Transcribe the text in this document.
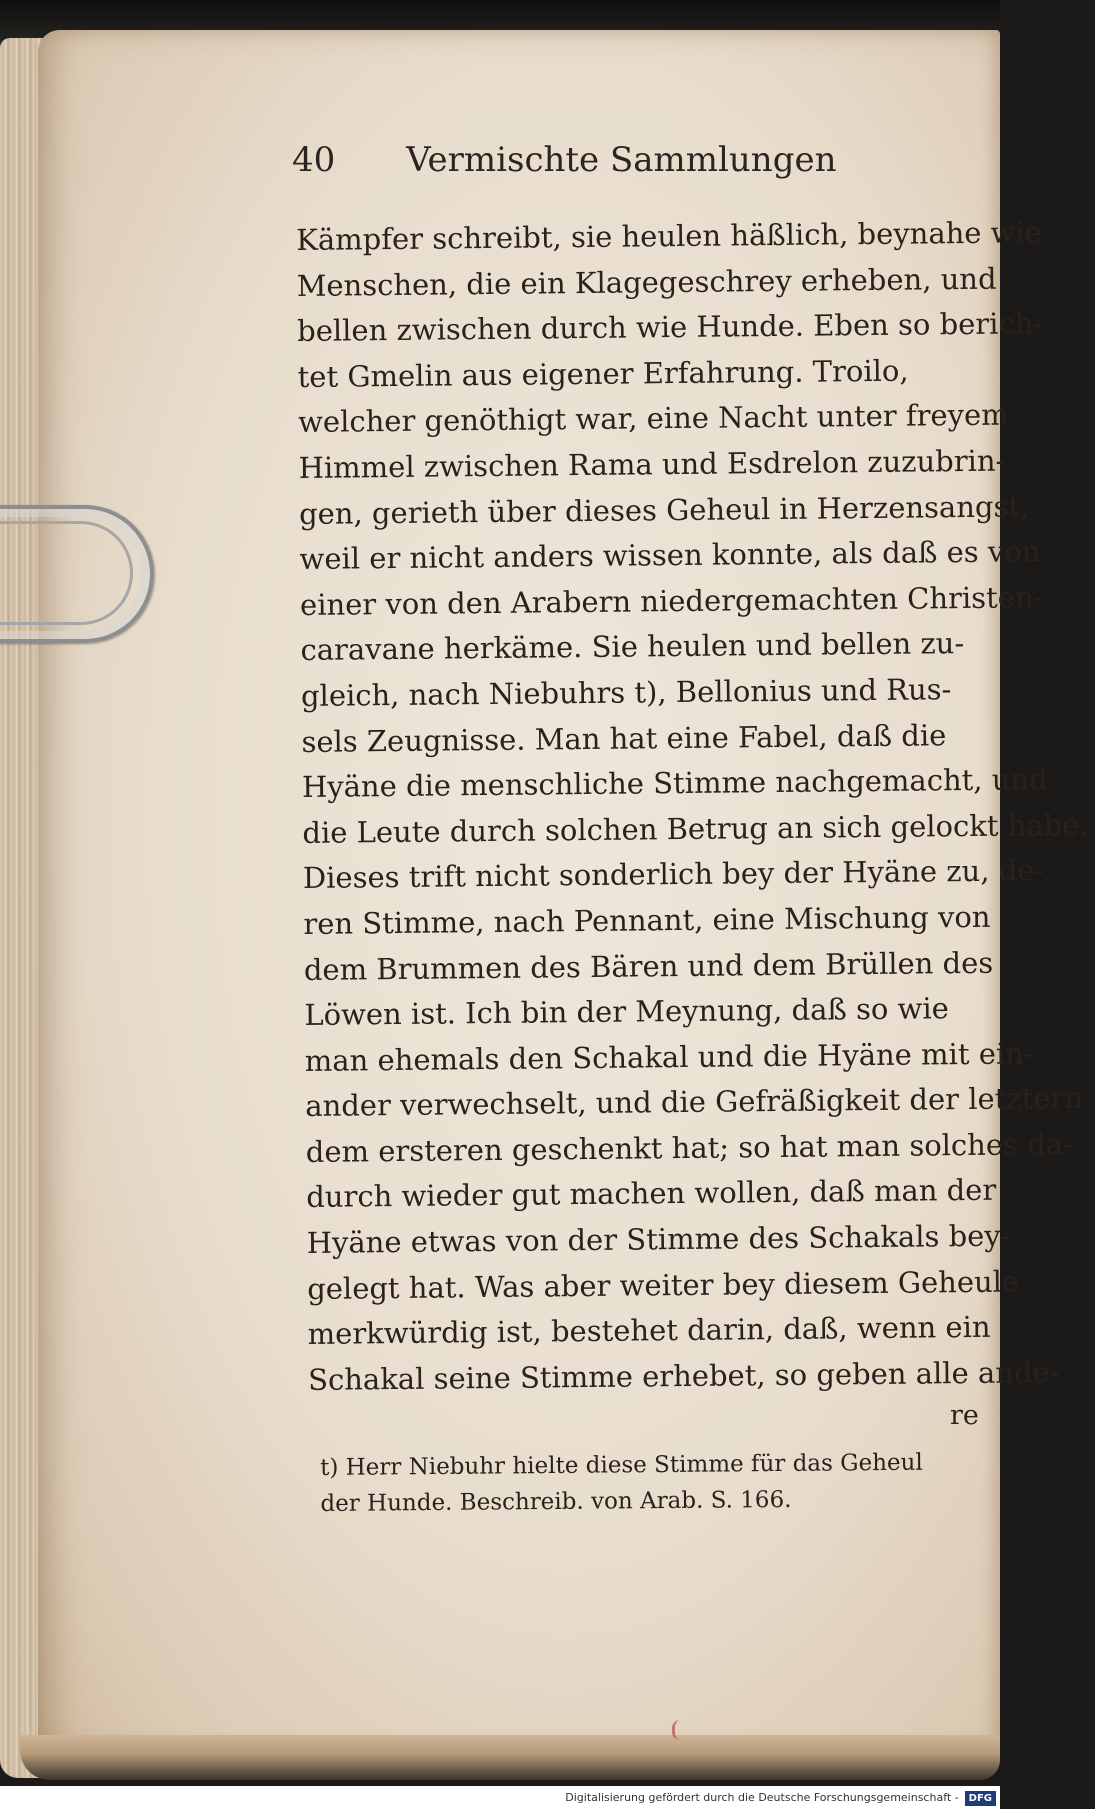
40 Vermischte Sammlungen
Kämpfer schreibt, sie heulen häßlich, beynahe wie
Menschen, die ein Klagegeschrey erheben, und
bellen zwischen durch wie Hunde. Eben so berich-
tet Gmelin aus eigener Erfahrung. Troilo,
welcher genöthigt war, eine Nacht unter freyem
Himmel zwischen Rama und Esdrelon zuzubrin-
gen, gerieth über dieses Geheul in Herzensangst,
weil er nicht anders wissen konnte, als daß es von
einer von den Arabern niedergemachten Christen-
caravane herkäme. Sie heulen und bellen zu-
gleich, nach Niebuhrs t), Bellonius und Rus-
sels Zeugnisse. Man hat eine Fabel, daß die
Hyäne die menschliche Stimme nachgemacht, und
die Leute durch solchen Betrug an sich gelockt habe.
Dieses trift nicht sonderlich bey der Hyäne zu, de-
ren Stimme, nach Pennant, eine Mischung von
dem Brummen des Bären und dem Brüllen des
Löwen ist. Ich bin der Meynung, daß so wie
man ehemals den Schakal und die Hyäne mit ein-
ander verwechselt, und die Gefräßigkeit der letztern
dem ersteren geschenkt hat; so hat man solches da-
durch wieder gut machen wollen, daß man der
Hyäne etwas von der Stimme des Schakals bey-
gelegt hat. Was aber weiter bey diesem Geheule
merkwürdig ist, bestehet darin, daß, wenn ein
Schakal seine Stimme erhebet, so geben alle ande-
re
t) Herr Niebuhr hielte diese Stimme für das Geheul
der Hunde. Beschreib. von Arab. S. 166.
Digitalisierung gefördert durch die Deutsche Forschungsgemeinschaft - DFG
